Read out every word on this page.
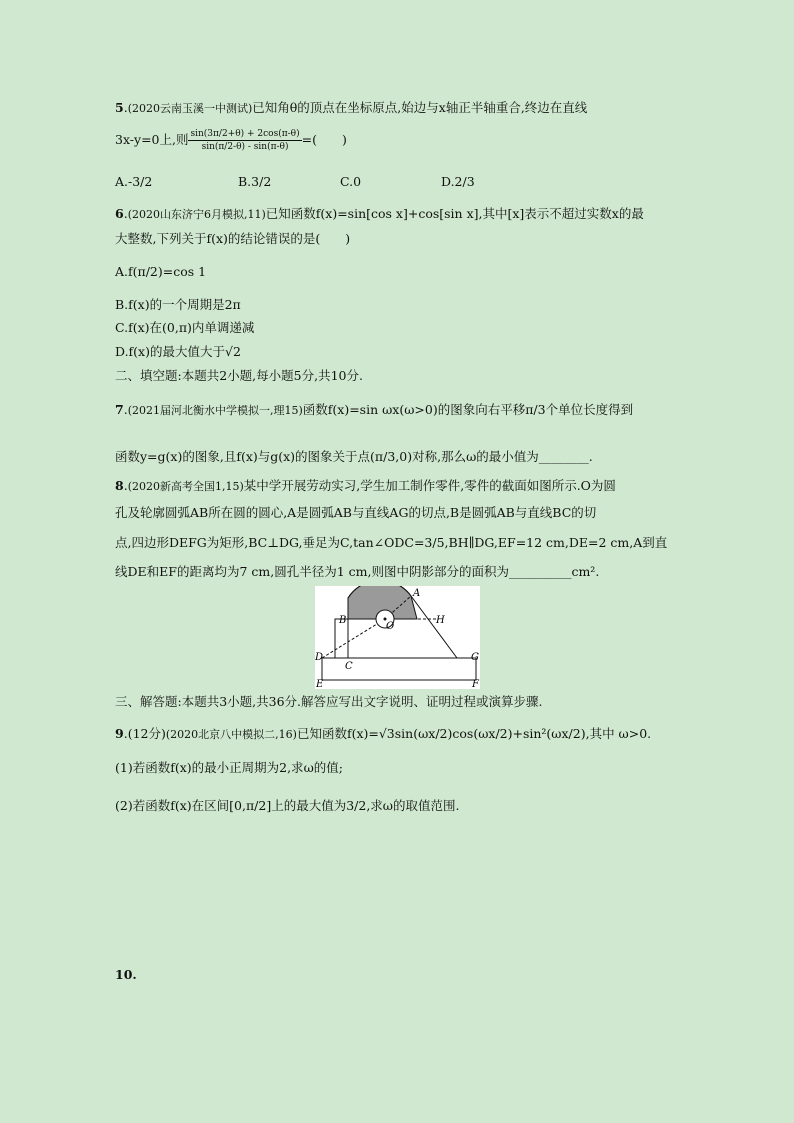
5.(2020云南玉溪一中测试)已知角θ的顶点在坐标原点,始边与x轴正半轴重合,终边在直线
3x-y=0上,则 $\frac{\sin(3\pi/2+\theta) + 2\cos(\pi-\theta)}{\sin(\pi/2-\theta) - \sin(\pi-\theta)}$ =(　　)
A.-3/2	B.3/2	C.0	D.2/3
6.(2020山东济宁6月模拟,11)已知函数f(x)=sin[cos x]+cos[sin x],其中[x]表示不超过实数x的最
大整数,下列关于f(x)的结论错误的是(　　)
A.f(π/2)=cos 1
B.f(x)的一个周期是2π
C.f(x)在(0,π)内单调递减
D.f(x)的最大值大于√2
二、填空题:本题共2小题,每小题5分,共10分.
7.(2021届河北衡水中学模拟一,理15)函数f(x)=sin ωx(ω>0)的图象向右平移π/3个单位长度得到
函数y=g(x)的图象,且f(x)与g(x)的图象关于点(π/3,0)对称,那么ω的最小值为________.
8.(2020新高考全国1,15)某中学开展劳动实习,学生加工制作零件,零件的截面如图所示.O为圆
孔及轮廓圆弧AB所在圆的圆心,A是圆弧AB与直线AG的切点,B是圆弧AB与直线BC的切
点,四边形DEFG为矩形,BC⊥DG,垂足为C,tan∠ODC=3/5,BH∥DG,EF=12 cm,DE=2 cm,A到直
线DE和EF的距离均为7 cm,圆孔半径为1 cm,则图中阴影部分的面积为__________cm².
A
B	H
O
D
C
G
E	F
三、解答题:本题共3小题,共36分.解答应写出文字说明、证明过程或演算步骤.
9.(12分)(2020北京八中模拟二,16)已知函数f(x)=√3sin(ωx/2)cos(ωx/2)+sin²(ωx/2),其中 ω>0.
(1)若函数f(x)的最小正周期为2,求ω的值;
(2)若函数f(x)在区间[0,π/2]上的最大值为3/2,求ω的取值范围.
10.
